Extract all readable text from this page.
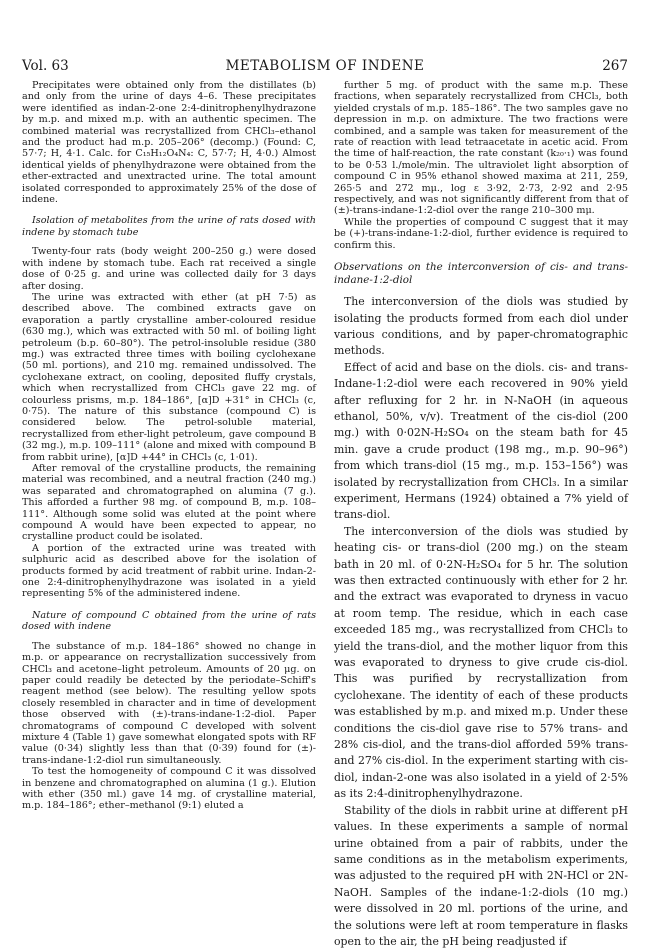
Vol. 63	METABOLISM OF INDENE	267

Precipitates were obtained only from the distillates (b) and only from the urine of days 4–6. These precipitates were identified as indan-2-one 2:4-dinitrophenylhydrazone by m.p. and mixed m.p. with an authentic specimen. The combined material was recrystallized from CHCl₃–ethanol and the product had m.p. 205–206° (decomp.) (Found: C, 57·7; H, 4·1. Calc. for C₁₅H₁₂O₄N₄: C, 57·7; H, 4·0.) Almost identical yields of phenylhydrazone were obtained from the ether-extracted and unextracted urine. The total amount isolated corresponded to approximately 25% of the dose of indene.

Isolation of metabolites from the urine of rats dosed with indene by stomach tube

Twenty-four rats (body weight 200–250 g.) were dosed with indene by stomach tube. Each rat received a single dose of 0·25 g. and urine was collected daily for 3 days after dosing.

The urine was extracted with ether (at pH 7·5) as described above. The combined extracts gave on evaporation a partly crystalline amber-coloured residue (630 mg.), which was extracted with 50 ml. of boiling light petroleum (b.p. 60–80°). The petrol-insoluble residue (380 mg.) was extracted three times with boiling cyclohexane (50 ml. portions), and 210 mg. remained undissolved. The cyclohexane extract, on cooling, deposited fluffy crystals, which when recrystallized from CHCl₃ gave 22 mg. of colourless prisms, m.p. 184–186°, [α]D +31° in CHCl₃ (c, 0·75). The nature of this substance (compound C) is considered below. The petrol-soluble material, recrystallized from ether-light petroleum, gave compound B (32 mg.), m.p. 109–111° (alone and mixed with compound B from rabbit urine), [α]D +44° in CHCl₃ (c, 1·01).

After removal of the crystalline products, the remaining material was recombined, and a neutral fraction (240 mg.) was separated and chromatographed on alumina (7 g.). This afforded a further 98 mg. of compound B, m.p. 108–111°. Although some solid was eluted at the point where compound A would have been expected to appear, no crystalline product could be isolated.

A portion of the extracted urine was treated with sulphuric acid as described above for the isolation of products formed by acid treatment of rabbit urine. Indan-2-one 2:4-dinitrophenylhydrazone was isolated in a yield representing 5% of the administered indene.

Nature of compound C obtained from the urine of rats dosed with indene

The substance of m.p. 184–186° showed no change in m.p. or appearance on recrystallization successively from CHCl₃ and acetone–light petroleum. Amounts of 20 μg. on paper could readily be detected by the periodate–Schiff's reagent method (see below). The resulting yellow spots closely resembled in character and in time of development those observed with (±)-trans-indane-1:2-diol. Paper chromatograms of compound C developed with solvent mixture 4 (Table 1) gave somewhat elongated spots with RF value (0·34) slightly less than that (0·39) found for (±)-trans-indane-1:2-diol run simultaneously.

To test the homogeneity of compound C it was dissolved in benzene and chromatographed on alumina (1 g.). Elution with ether (350 ml.) gave 14 mg. of crystalline material, m.p. 184–186°; ether–methanol (9:1) eluted a

further 5 mg. of product with the same m.p. These fractions, when separately recrystallized from CHCl₃, both yielded crystals of m.p. 185–186°. The two samples gave no depression in m.p. on admixture. The two fractions were combined, and a sample was taken for measurement of the rate of reaction with lead tetraacetate in acetic acid. From the time of half-reaction, the rate constant (k₂₀·₁) was found to be 0·53 l./mole/min. The ultraviolet light absorption of compound C in 95% ethanol showed maxima at 211, 259, 265·5 and 272 mμ., log ε 3·92, 2·73, 2·92 and 2·95 respectively, and was not significantly different from that of (±)-trans-indane-1:2-diol over the range 210–300 mμ.

While the properties of compound C suggest that it may be (+)-trans-indane-1:2-diol, further evidence is required to confirm this.

Observations on the interconversion of cis- and trans-indane-1:2-diol

The interconversion of the diols was studied by isolating the products formed from each diol under various conditions, and by paper-chromatographic methods.

Effect of acid and base on the diols. cis- and trans-Indane-1:2-diol were each recovered in 90% yield after refluxing for 2 hr. in N-NaOH (in aqueous ethanol, 50%, v/v). Treatment of the cis-diol (200 mg.) with 0·02N-H₂SO₄ on the steam bath for 45 min. gave a crude product (198 mg., m.p. 90–96°) from which trans-diol (15 mg., m.p. 153–156°) was isolated by recrystallization from CHCl₃. In a similar experiment, Hermans (1924) obtained a 7% yield of trans-diol.

The interconversion of the diols was studied by heating cis- or trans-diol (200 mg.) on the steam bath in 20 ml. of 0·2N-H₂SO₄ for 5 hr. The solution was then extracted continuously with ether for 2 hr. and the extract was evaporated to dryness in vacuo at room temp. The residue, which in each case exceeded 185 mg., was recrystallized from CHCl₃ to yield the trans-diol, and the mother liquor from this was evaporated to dryness to give crude cis-diol. This was purified by recrystallization from cyclohexane. The identity of each of these products was established by m.p. and mixed m.p. Under these conditions the cis-diol gave rise to 57% trans- and 28% cis-diol, and the trans-diol afforded 59% trans- and 27% cis-diol. In the experiment starting with cis-diol, indan-2-one was also isolated in a yield of 2·5% as its 2:4-dinitrophenylhydrazone.

Stability of the diols in rabbit urine at different pH values. In these experiments a sample of normal urine obtained from a pair of rabbits, under the same conditions as in the metabolism experiments, was adjusted to the required pH with 2N-HCl or 2N-NaOH. Samples of the indane-1:2-diols (10 mg.) were dissolved in 20 ml. portions of the urine, and the solutions were left at room temperature in flasks open to the air, the pH being readjusted if
